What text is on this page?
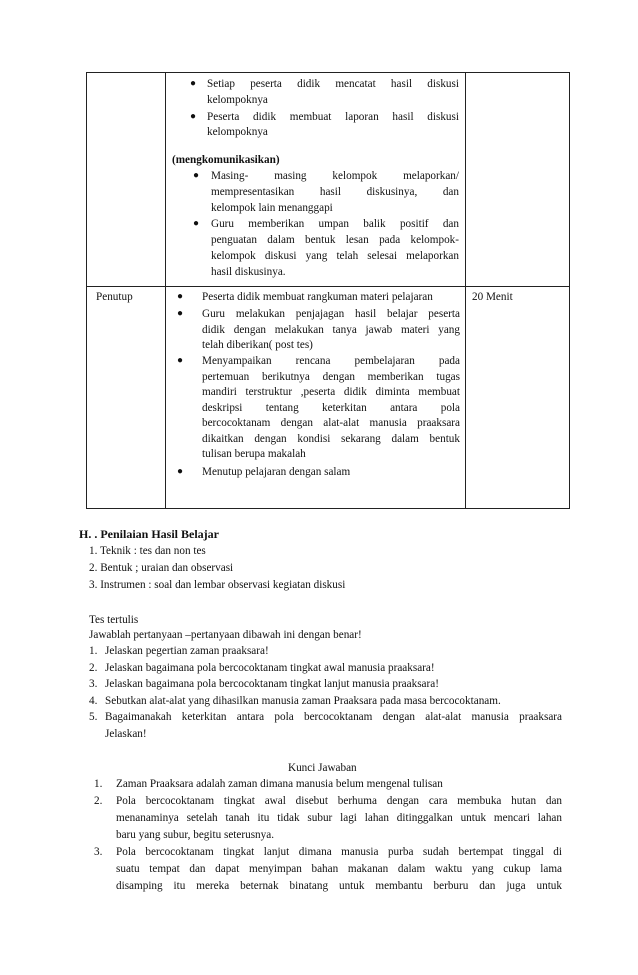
● Setiap peserta didik mencatat hasil diskusi
kelompoknya
● Peserta didik membuat laporan hasil diskusi
kelompoknya
(mengkomunikasikan)
● Masing- masing kelompok melaporkan/
mempresentasikan hasil diskusinya, dan
kelompok lain menanggapi
● Guru memberikan umpan balik positif dan
penguatan dalam bentuk lesan pada kelompok-
kelompok diskusi yang telah selesai melaporkan
hasil diskusinya.
Penutup	20 Menit
● Peserta didik membuat rangkuman materi pelajaran
● Guru melakukan penjajagan hasil belajar peserta
didik dengan melakukan tanya jawab materi yang
telah diberikan( post tes)
● Menyampaikan rencana pembelajaran pada
pertemuan berikutnya dengan memberikan tugas
mandiri terstruktur ,peserta didik diminta membuat
deskripsi tentang keterkitan antara pola
bercocoktanam dengan alat-alat manusia praaksara
dikaitkan dengan kondisi sekarang dalam bentuk
tulisan berupa makalah
● Menutup pelajaran dengan salam
H. . Penilaian Hasil Belajar
1. Teknik : tes dan non tes
2. Bentuk ; uraian dan observasi
3. Instrumen : soal dan lembar observasi kegiatan diskusi
Tes tertulis
Jawablah pertanyaan –pertanyaan dibawah ini dengan benar!
1. Jelaskan pegertian zaman praaksara!
2. Jelaskan bagaimana pola bercocoktanam tingkat awal manusia praaksara!
3. Jelaskan bagaimana pola bercocoktanam tingkat lanjut manusia praaksara!
4. Sebutkan alat-alat yang dihasilkan manusia zaman Praaksara pada masa bercocoktanam.
5. Bagaimanakah keterkitan antara pola bercocoktanam dengan alat-alat manusia praaksara
Jelaskan!
Kunci Jawaban
1. Zaman Praaksara adalah zaman dimana manusia belum mengenal tulisan
2. Pola bercocoktanam tingkat awal disebut berhuma dengan cara membuka hutan dan
menanaminya setelah tanah itu tidak subur lagi lahan ditinggalkan untuk mencari lahan
baru yang subur, begitu seterusnya.
3. Pola bercocoktanam tingkat lanjut dimana manusia purba sudah bertempat tinggal di
suatu tempat dan dapat menyimpan bahan makanan dalam waktu yang cukup lama
disamping itu mereka beternak binatang untuk membantu berburu dan juga untuk
